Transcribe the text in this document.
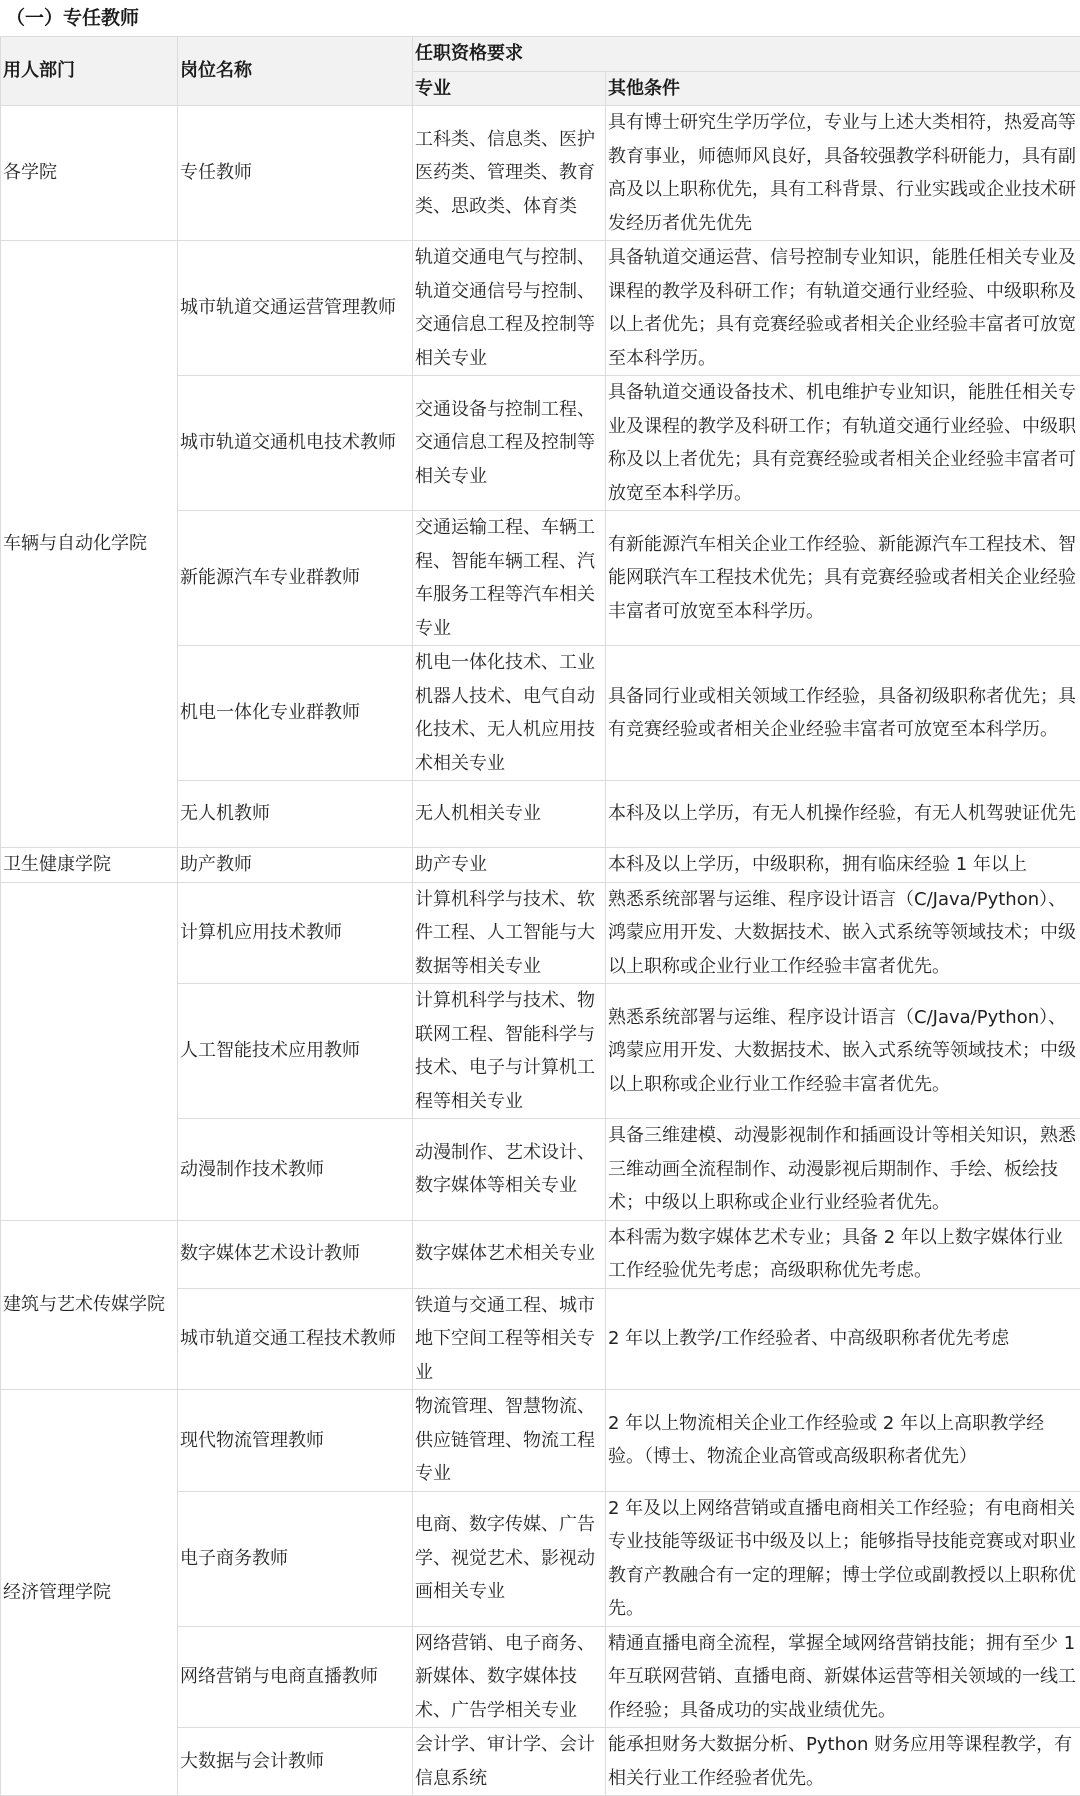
（一）专任教师
用人部门	岗位名称	任职资格要求	
		专业	其他条件
各学院	专任教师	工科类、信息类、医护医药类、管理类、教育类、思政类、体育类	具有博士研究生学历学位，专业与上述大类相符，热爱高等教育事业，师德师风良好，具备较强教学科研能力，具有副高及以上职称优先，具有工科背景、行业实践或企业技术研发经历者优先优先
车辆与自动化学院	城市轨道交通运营管理教师	轨道交通电气与控制、轨道交通信号与控制、交通信息工程及控制等相关专业	具备轨道交通运营、信号控制专业知识，能胜任相关专业及课程的教学及科研工作；有轨道交通行业经验、中级职称及以上者优先；具有竞赛经验或者相关企业经验丰富者可放宽至本科学历。
	城市轨道交通机电技术教师	交通设备与控制工程、交通信息工程及控制等相关专业	具备轨道交通设备技术、机电维护专业知识，能胜任相关专业及课程的教学及科研工作；有轨道交通行业经验、中级职称及以上者优先；具有竞赛经验或者相关企业经验丰富者可放宽至本科学历。
	新能源汽车专业群教师	交通运输工程、车辆工程、智能车辆工程、汽车服务工程等汽车相关专业	有新能源汽车相关企业工作经验、新能源汽车工程技术、智能网联汽车工程技术优先；具有竞赛经验或者相关企业经验丰富者可放宽至本科学历。
	机电一体化专业群教师	机电一体化技术、工业机器人技术、电气自动化技术、无人机应用技术相关专业	具备同行业或相关领域工作经验，具备初级职称者优先；具有竞赛经验或者相关企业经验丰富者可放宽至本科学历。
	无人机教师	无人机相关专业	本科及以上学历，有无人机操作经验，有无人机驾驶证优先
卫生健康学院	助产教师	助产专业	本科及以上学历，中级职称，拥有临床经验 1 年以上
	计算机应用技术教师	计算机科学与技术、软件工程、人工智能与大数据等相关专业	熟悉系统部署与运维、程序设计语言（C/Java/Python）、鸿蒙应用开发、大数据技术、嵌入式系统等领域技术；中级以上职称或企业行业工作经验丰富者优先。
	人工智能技术应用教师	计算机科学与技术、物联网工程、智能科学与技术、电子与计算机工程等相关专业	熟悉系统部署与运维、程序设计语言（C/Java/Python）、鸿蒙应用开发、大数据技术、嵌入式系统等领域技术；中级以上职称或企业行业工作经验丰富者优先。
	动漫制作技术教师	动漫制作、艺术设计、数字媒体等相关专业	具备三维建模、动漫影视制作和插画设计等相关知识，熟悉三维动画全流程制作、动漫影视后期制作、手绘、板绘技术；中级以上职称或企业行业经验者优先。
建筑与艺术传媒学院	数字媒体艺术设计教师	数字媒体艺术相关专业	本科需为数字媒体艺术专业；具备 2 年以上数字媒体行业工作经验优先考虑；高级职称优先考虑。
	城市轨道交通工程技术教师	铁道与交通工程、城市地下空间工程等相关专业	2 年以上教学/工作经验者、中高级职称者优先考虑
经济管理学院	现代物流管理教师	物流管理、智慧物流、供应链管理、物流工程专业	2 年以上物流相关企业工作经验或 2 年以上高职教学经验。（博士、物流企业高管或高级职称者优先）
	电子商务教师	电商、数字传媒、广告学、视觉艺术、影视动画相关专业	2 年及以上网络营销或直播电商相关工作经验；有电商相关专业技能等级证书中级及以上；能够指导技能竞赛或对职业教育产教融合有一定的理解；博士学位或副教授以上职称优先。
	网络营销与电商直播教师	网络营销、电子商务、新媒体、数字媒体技术、广告学相关专业	精通直播电商全流程，掌握全域网络营销技能；拥有至少 1 年互联网营销、直播电商、新媒体运营等相关领域的一线工作经验；具备成功的实战业绩优先。
	大数据与会计教师	会计学、审计学、会计信息系统	能承担财务大数据分析、Python 财务应用等课程教学，有相关行业工作经验者优先。
